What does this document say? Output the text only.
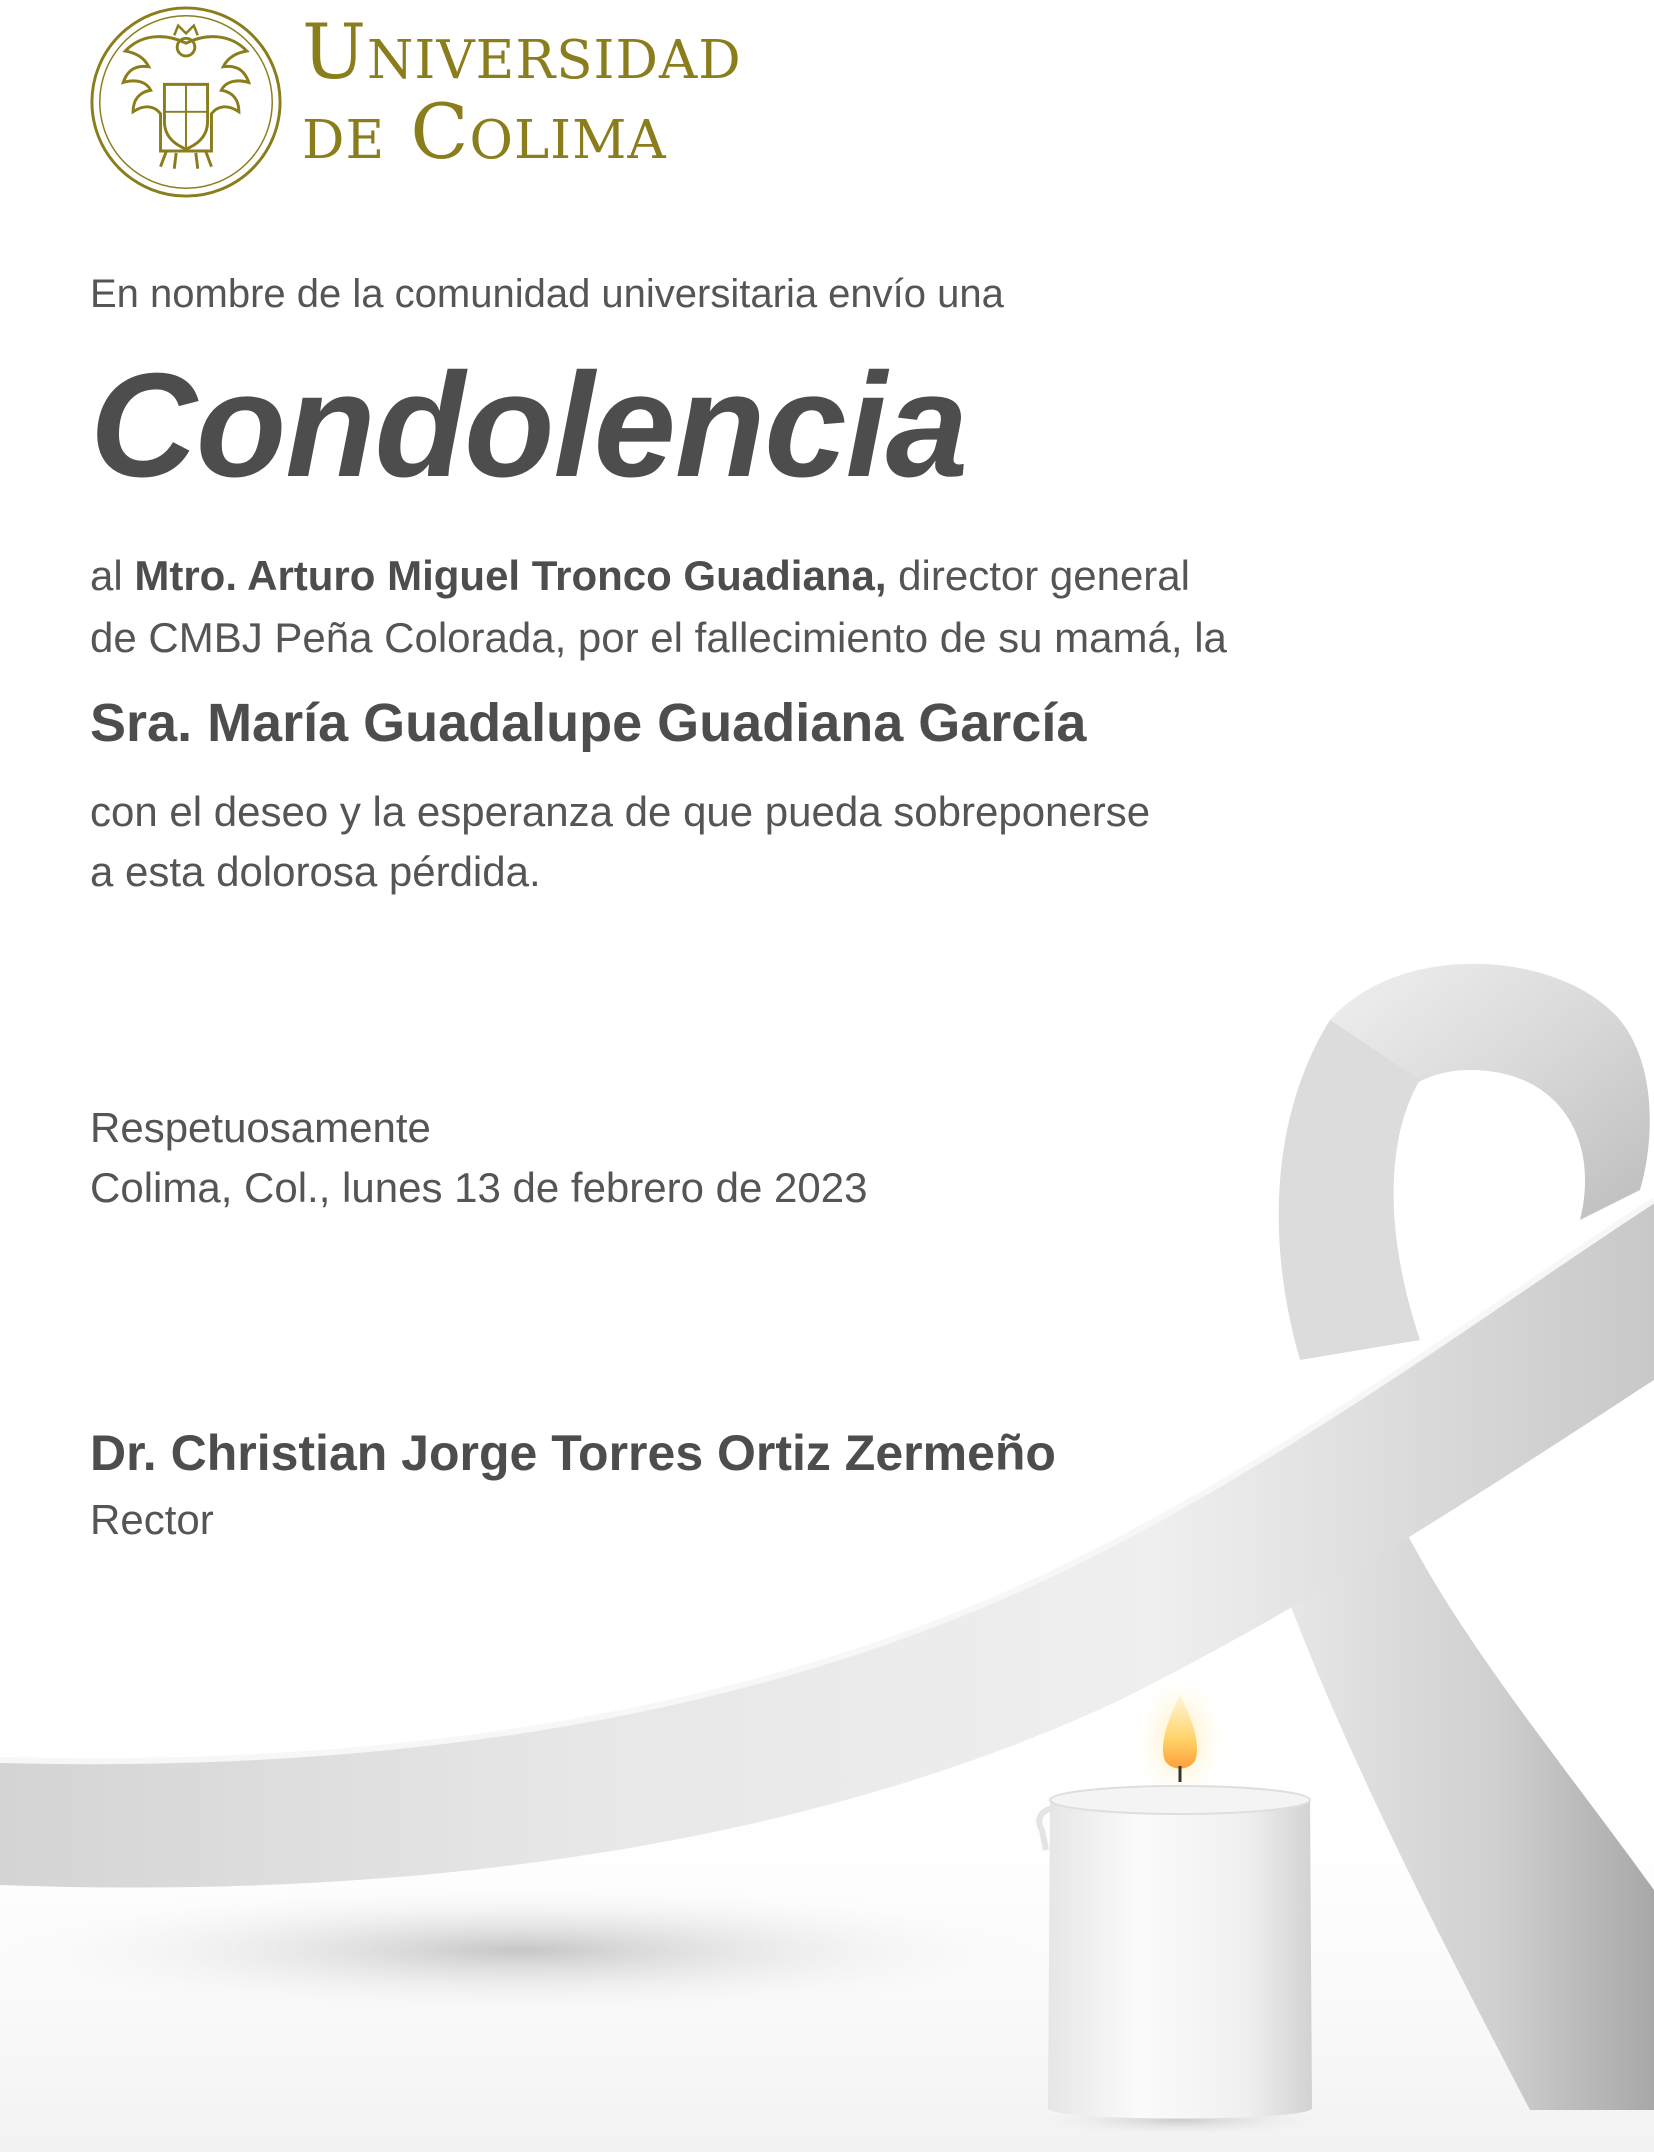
Universidad
de Colima

En nombre de la comunidad universitaria envío una

Condolencia

al Mtro. Arturo Miguel Tronco Guadiana, director general
de CMBJ Peña Colorada, por el fallecimiento de su mamá, la

Sra. María Guadalupe Guadiana García

con el deseo y la esperanza de que pueda sobreponerse
a esta dolorosa pérdida.

Respetuosamente
Colima, Col., lunes 13 de febrero de 2023

Dr. Christian Jorge Torres Ortiz Zermeño

Rector
